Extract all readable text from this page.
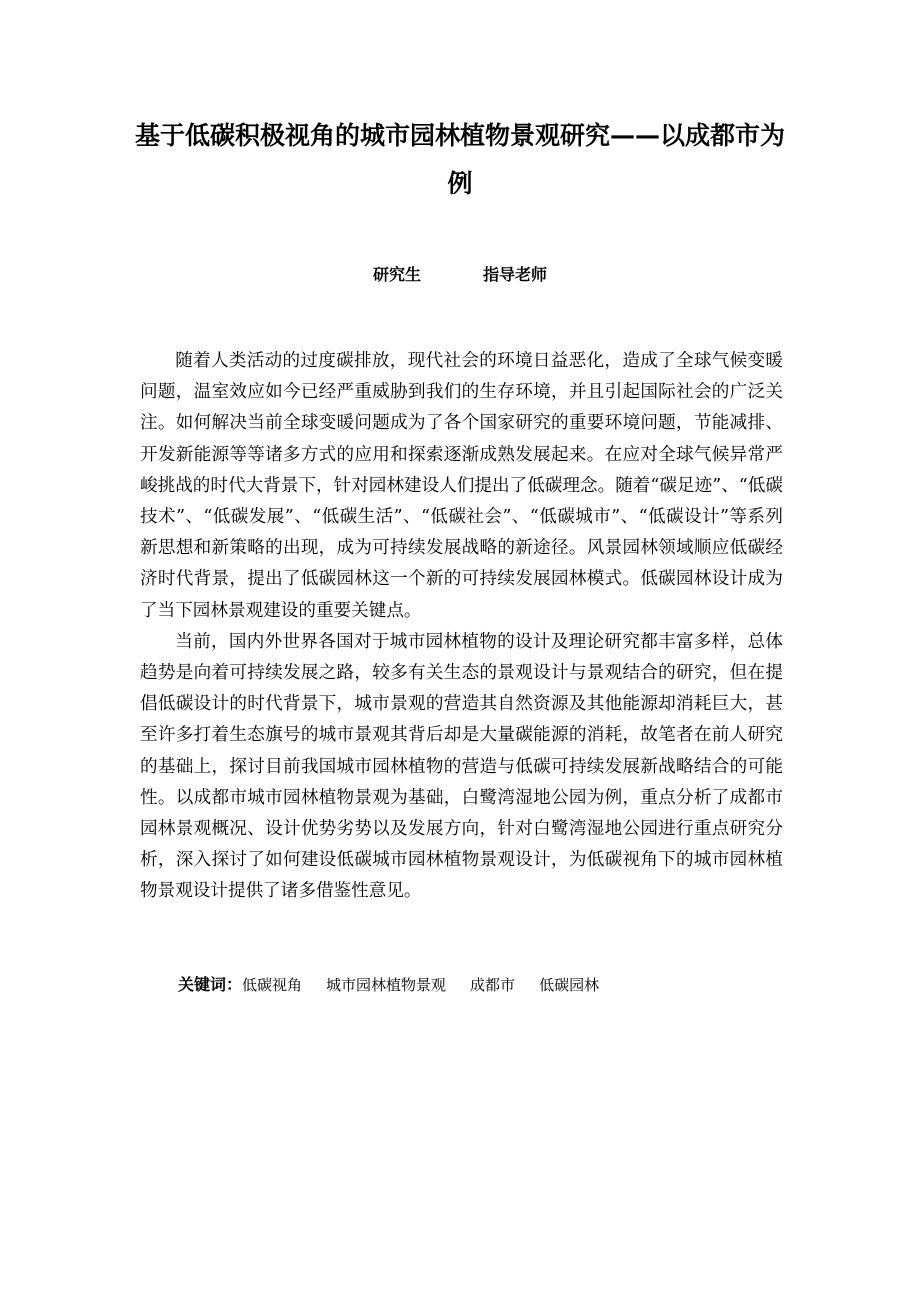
基于低碳积极视角的城市园林植物景观研究——以成都市为例
研究生	指导老师

随着人类活动的过度碳排放，现代社会的环境日益恶化，造成了全球气候变暖问题，温室效应如今已经严重威胁到我们的生存环境，并且引起国际社会的广泛关注。如何解决当前全球变暖问题成为了各个国家研究的重要环境问题，节能减排、开发新能源等等诸多方式的应用和探索逐渐成熟发展起来。在应对全球气候异常严峻挑战的时代大背景下，针对园林建设人们提出了低碳理念。随着“碳足迹”、“低碳技术”、“低碳发展”、“低碳生活”、“低碳社会”、“低碳城市”、“低碳设计”等系列新思想和新策略的出现，成为可持续发展战略的新途径。风景园林领域顺应低碳经济时代背景，提出了低碳园林这一个新的可持续发展园林模式。低碳园林设计成为了当下园林景观建设的重要关键点。

当前，国内外世界各国对于城市园林植物的设计及理论研究都丰富多样，总体趋势是向着可持续发展之路，较多有关生态的景观设计与景观结合的研究，但在提倡低碳设计的时代背景下，城市景观的营造其自然资源及其他能源却消耗巨大，甚至许多打着生态旗号的城市景观其背后却是大量碳能源的消耗，故笔者在前人研究的基础上，探讨目前我国城市园林植物的营造与低碳可持续发展新战略结合的可能性。以成都市城市园林植物景观为基础，白鹭湾湿地公园为例，重点分析了成都市园林景观概况、设计优势劣势以及发展方向，针对白鹭湾湿地公园进行重点研究分析，深入探讨了如何建设低碳城市园林植物景观设计，为低碳视角下的城市园林植物景观设计提供了诸多借鉴性意见。

关键词：低碳视角 城市园林植物景观 成都市 低碳园林
